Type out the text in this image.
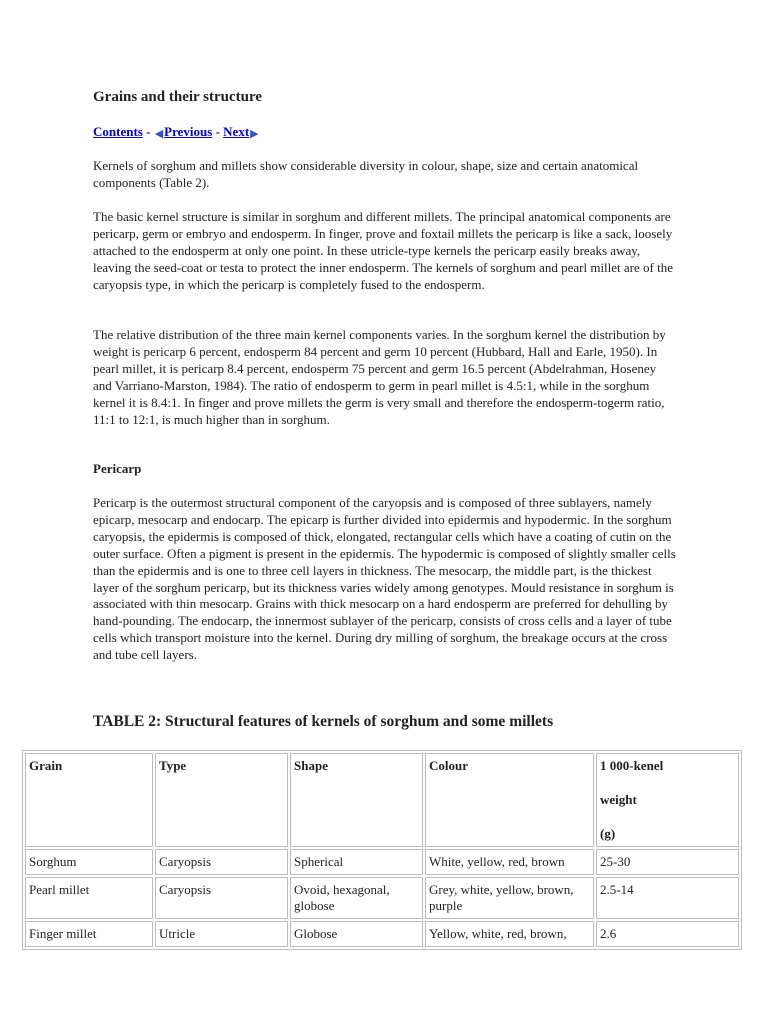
Grains and their structure
Contents - ◀Previous - Next▶

Kernels of sorghum and millets show considerable diversity in colour, shape, size and certain anatomical components (Table 2).

The basic kernel structure is similar in sorghum and different millets. The principal anatomical components are pericarp, germ or embryo and endosperm. In finger, prove and foxtail millets the pericarp is like a sack, loosely attached to the endosperm at only one point. In these utricle-type kernels the pericarp easily breaks away, leaving the seed-coat or testa to protect the inner endosperm. The kernels of sorghum and pearl millet are of the caryopsis type, in which the pericarp is completely fused to the endosperm.

The relative distribution of the three main kernel components varies. In the sorghum kernel the distribution by weight is pericarp 6 percent, endosperm 84 percent and germ 10 percent (Hubbard, Hall and Earle, 1950). In pearl millet, it is pericarp 8.4 percent, endosperm 75 percent and germ 16.5 percent (Abdelrahman, Hoseney and Varriano-Marston, 1984). The ratio of endosperm to germ in pearl millet is 4.5:1, while in the sorghum kernel it is 8.4:1. In finger and prove millets the germ is very small and therefore the endosperm-togerm ratio, 11:1 to 12:1, is much higher than in sorghum.

Pericarp

Pericarp is the outermost structural component of the caryopsis and is composed of three sublayers, namely epicarp, mesocarp and endocarp. The epicarp is further divided into epidermis and hypodermic. In the sorghum caryopsis, the epidermis is composed of thick, elongated, rectangular cells which have a coating of cutin on the outer surface. Often a pigment is present in the epidermis. The hypodermic is composed of slightly smaller cells than the epidermis and is one to three cell layers in thickness. The mesocarp, the middle part, is the thickest layer of the sorghum pericarp, but its thickness varies widely among genotypes. Mould resistance in sorghum is associated with thin mesocarp. Grains with thick mesocarp on a hard endosperm are preferred for dehulling by hand-pounding. The endocarp, the innermost sublayer of the pericarp, consists of cross cells and a layer of tube cells which transport moisture into the kernel. During dry milling of sorghum, the breakage occurs at the cross and tube cell layers.

TABLE 2: Structural features of kernels of sorghum and some millets
Grain	Type	Shape	Colour	1 000-kenel
weight
(g)
Sorghum	Caryopsis	Spherical	White, yellow, red, brown	25-30
Pearl millet	Caryopsis	Ovoid, hexagonal, globose	Grey, white, yellow, brown, purple	2.5-14
Finger millet	Utricle	Globose	Yellow, white, red, brown,	2.6
